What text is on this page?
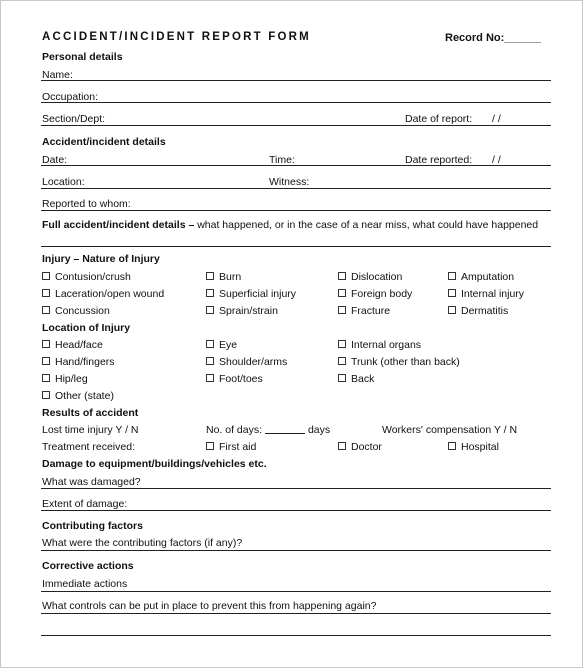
ACCIDENT/INCIDENT REPORT FORM	Record No:______
Personal details
Name:
Occupation:
Section/Dept:	Date of report: / /
Accident/incident details
Date:	Time:	Date reported: / /
Location:	Witness:
Reported to whom:
Full accident/incident details – what happened, or in the case of a near miss, what could have happened
Injury – Nature of Injury
Location of Injury
Results of accident
Lost time injury Y / N	No. of days:	days	Workers' compensation Y / N
Treatment received:	First aid	Doctor	Hospital
Damage to equipment/buildings/vehicles etc.
What was damaged?
Extent of damage:
Contributing factors
What were the contributing factors (if any)?
Corrective actions
Immediate actions
What controls can be put in place to prevent this from happening again?
Contusion/crush	Burn	Dislocation	Amputation
Laceration/open wound	Superficial injury	Foreign body	Internal injury
Concussion	Sprain/strain	Fracture	Dermatitis
Head/face	Eye	Internal organs
Hand/fingers	Shoulder/arms	Trunk (other than back)
Hip/leg	Foot/toes	Back
Other (state)
